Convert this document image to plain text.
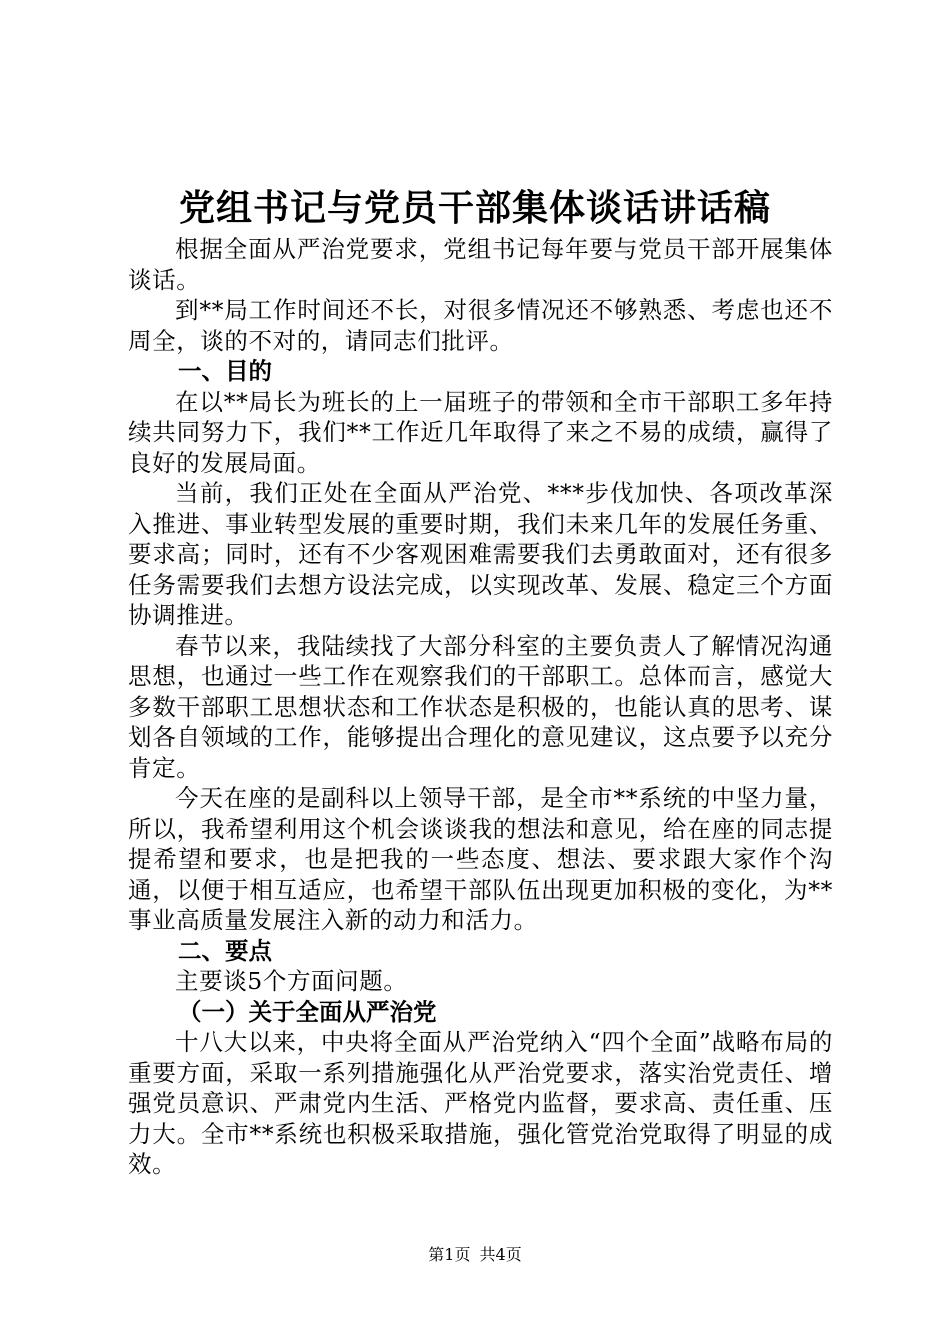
党组书记与党员干部集体谈话讲话稿

根据全面从严治党要求，党组书记每年要与党员干部开展集体谈话。

到**局工作时间还不长，对很多情况还不够熟悉、考虑也还不周全，谈的不对的，请同志们批评。

一、目的

在以**局长为班长的上一届班子的带领和全市干部职工多年持续共同努力下，我们**工作近几年取得了来之不易的成绩，赢得了良好的发展局面。

当前，我们正处在全面从严治党、***步伐加快、各项改革深入推进、事业转型发展的重要时期，我们未来几年的发展任务重、要求高；同时，还有不少客观困难需要我们去勇敢面对，还有很多任务需要我们去想方设法完成，以实现改革、发展、稳定三个方面协调推进。

春节以来，我陆续找了大部分科室的主要负责人了解情况沟通思想，也通过一些工作在观察我们的干部职工。总体而言，感觉大多数干部职工思想状态和工作状态是积极的，也能认真的思考、谋划各自领域的工作，能够提出合理化的意见建议，这点要予以充分肯定。

今天在座的是副科以上领导干部，是全市**系统的中坚力量，所以，我希望利用这个机会谈谈我的想法和意见，给在座的同志提提希望和要求，也是把我的一些态度、想法、要求跟大家作个沟通，以便于相互适应，也希望干部队伍出现更加积极的变化，为**事业高质量发展注入新的动力和活力。

二、要点

主要谈5个方面问题。

（一）关于全面从严治党

十八大以来，中央将全面从严治党纳入“四个全面”战略布局的重要方面，采取一系列措施强化从严治党要求，落实治党责任、增强党员意识、严肃党内生活、严格党内监督，要求高、责任重、压力大。全市**系统也积极采取措施，强化管党治党取得了明显的成效。

第1页 共4页
